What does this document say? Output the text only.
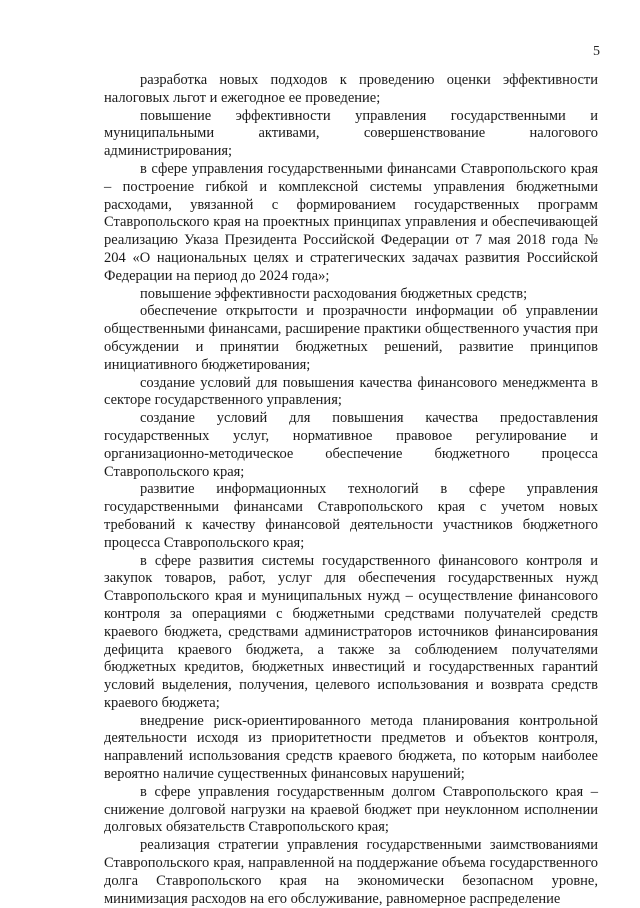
5

разработка новых подходов к проведению оценки эффективности налоговых льгот и ежегодное ее проведение;

повышение эффективности управления государственными и муниципальными активами, совершенствование налогового администрирования;

в сфере управления государственными финансами Ставропольского края – построение гибкой и комплексной системы управления бюджетными расходами, увязанной с формированием государственных программ Ставропольского края на проектных принципах управления и обеспечивающей реализацию Указа Президента Российской Федерации от 7 мая 2018 года № 204 «О национальных целях и стратегических задачах развития Российской Федерации на период до 2024 года»;

повышение эффективности расходования бюджетных средств;

обеспечение открытости и прозрачности информации об управлении общественными финансами, расширение практики общественного участия при обсуждении и принятии бюджетных решений, развитие принципов инициативного бюджетирования;

создание условий для повышения качества финансового менеджмента в секторе государственного управления;

создание условий для повышения качества предоставления государственных услуг, нормативное правовое регулирование и организационно-методическое обеспечение бюджетного процесса Ставропольского края;

развитие информационных технологий в сфере управления государственными финансами Ставропольского края с учетом новых требований к качеству финансовой деятельности участников бюджетного процесса Ставропольского края;

в сфере развития системы государственного финансового контроля и закупок товаров, работ, услуг для обеспечения государственных нужд Ставропольского края и муниципальных нужд – осуществление финансового контроля за операциями с бюджетными средствами получателей средств краевого бюджета, средствами администраторов источников финансирования дефицита краевого бюджета, а также за соблюдением получателями бюджетных кредитов, бюджетных инвестиций и государственных гарантий условий выделения, получения, целевого использования и возврата средств краевого бюджета;

внедрение риск-ориентированного метода планирования контрольной деятельности исходя из приоритетности предметов и объектов контроля, направлений использования средств краевого бюджета, по которым наиболее вероятно наличие существенных финансовых нарушений;

в сфере управления государственным долгом Ставропольского края – снижение долговой нагрузки на краевой бюджет при неуклонном исполнении долговых обязательств Ставропольского края;

реализация стратегии управления государственными заимствованиями Ставропольского края, направленной на поддержание объема государственного долга Ставропольского края на экономически безопасном уровне, минимизация расходов на его обслуживание, равномерное распределение
